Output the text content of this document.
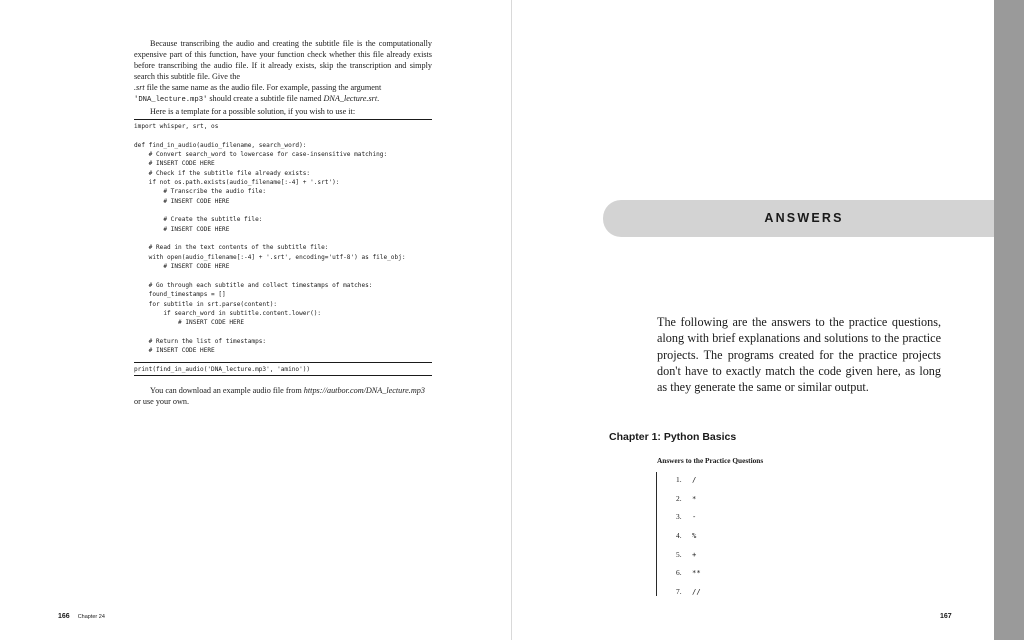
Because transcribing the audio and creating the subtitle file is the computationally expensive part of this function, have your function check whether this file already exists before transcribing the audio file. If it already exists, skip the transcription and simply search this subtitle file. Give the
.srt file the same name as the audio file. For example, passing the argument
'DNA_lecture.mp3' should create a subtitle file named DNA_lecture.srt.

Here is a template for a possible solution, if you wish to use it:

import whisper, srt, os

def find_in_audio(audio_filename, search_word):
# Convert search_word to lowercase for case-insensitive matching:
# INSERT CODE HERE
# Check if the subtitle file already exists:
if not os.path.exists(audio_filename[:-4] + '.srt'):
# Transcribe the audio file:
# INSERT CODE HERE

# Create the subtitle file:
# INSERT CODE HERE

# Read in the text contents of the subtitle file:
with open(audio_filename[:-4] + '.srt', encoding='utf-8') as file_obj:
# INSERT CODE HERE

# Go through each subtitle and collect timestamps of matches:
found_timestamps = []
for subtitle in srt.parse(content):
if search_word in subtitle.content.lower():
# INSERT CODE HERE

# Return the list of timestamps:
# INSERT CODE HERE
print(find_in_audio('DNA_lecture.mp3', 'amino'))

You can download an example audio file from https://autbor.com/DNA_lecture.mp3 or use your own.

166 Chapter 24
ANSWERS
The following are the answers to the practice questions, along with brief explanations and solutions to the practice projects. The programs created for the practice projects don't have to exactly match the code given here, as long as they generate the same or similar output.
Chapter 1: Python Basics
Answers to the Practice Questions
1. /
2. *
3. -
4. %
5. +
6. **
7. //
167
